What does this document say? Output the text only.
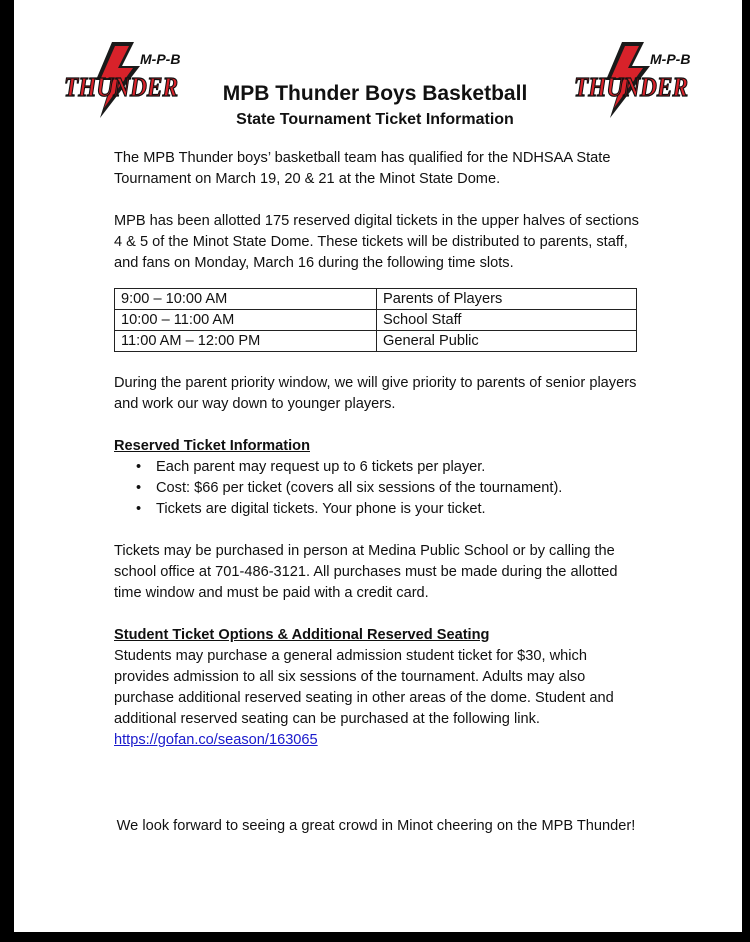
M-P-B
THUNDER
M-P-B
THUNDER
MPB Thunder Boys Basketball
State Tournament Ticket Information

The MPB Thunder boys’ basketball team has qualified for the NDHSAA State Tournament on March 19, 20 & 21 at the Minot State Dome.

MPB has been allotted 175 reserved digital tickets in the upper halves of sections 4 & 5 of the Minot State Dome. These tickets will be distributed to parents, staff, and fans on Monday, March 16 during the following time slots.

9:00 – 10:00 AM	Parents of Players
10:00 – 11:00 AM	School Staff
11:00 AM – 12:00 PM	General Public

During the parent priority window, we will give priority to parents of senior players and work our way down to younger players.

Reserved Ticket Information

• Each parent may request up to 6 tickets per player.
• Cost: $66 per ticket (covers all six sessions of the tournament).
• Tickets are digital tickets. Your phone is your ticket.

Tickets may be purchased in person at Medina Public School or by calling the school office at 701-486-3121. All purchases must be made during the allotted time window and must be paid with a credit card.

Student Ticket Options & Additional Reserved Seating

Students may purchase a general admission student ticket for $30, which provides admission to all six sessions of the tournament. Adults may also purchase additional reserved seating in other areas of the dome. Student and additional reserved seating can be purchased at the following link.

https://gofan.co/season/163065

We look forward to seeing a great crowd in Minot cheering on the MPB Thunder!
